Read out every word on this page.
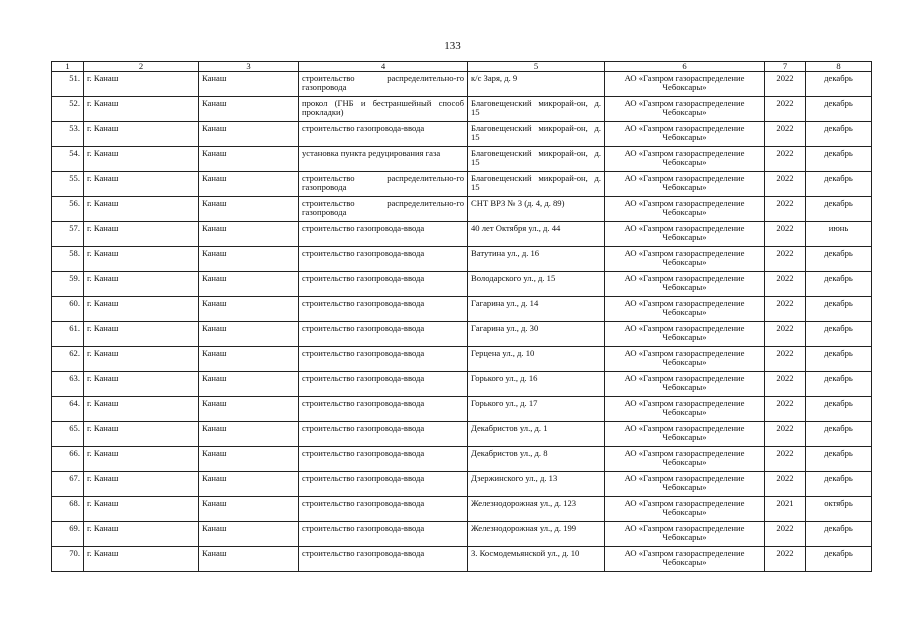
133
1	2	3	4	5	6	7	8
51.	г. Канаш	Канаш	строительство распределительно-го газопровода	к/с Заря, д. 9	АО «Газпром газораспределение Чебоксары»	2022	декабрь
52.	г. Канаш	Канаш	прокол (ГНБ и бестраншейный способ прокладки)	Благовещенский микрорай-он, д. 15	АО «Газпром газораспределение Чебоксары»	2022	декабрь
53.	г. Канаш	Канаш	строительство газопровода-ввода	Благовещенский микрорай-он, д. 15	АО «Газпром газораспределение Чебоксары»	2022	декабрь
54.	г. Канаш	Канаш	установка пункта редуцирования газа	Благовещенский микрорай-он, д. 15	АО «Газпром газораспределение Чебоксары»	2022	декабрь
55.	г. Канаш	Канаш	строительство распределительно-го газопровода	Благовещенский микрорай-он, д. 15	АО «Газпром газораспределение Чебоксары»	2022	декабрь
56.	г. Канаш	Канаш	строительство распределительно-го газопровода	СНТ ВРЗ № 3 (д. 4, д. 89)	АО «Газпром газораспределение Чебоксары»	2022	декабрь
57.	г. Канаш	Канаш	строительство газопровода-ввода	40 лет Октября ул., д. 44	АО «Газпром газораспределение Чебоксары»	2022	июнь
58.	г. Канаш	Канаш	строительство газопровода-ввода	Ватутина ул., д. 16	АО «Газпром газораспределение Чебоксары»	2022	декабрь
59.	г. Канаш	Канаш	строительство газопровода-ввода	Володарского ул., д. 15	АО «Газпром газораспределение Чебоксары»	2022	декабрь
60.	г. Канаш	Канаш	строительство газопровода-ввода	Гагарина ул., д. 14	АО «Газпром газораспределение Чебоксары»	2022	декабрь
61.	г. Канаш	Канаш	строительство газопровода-ввода	Гагарина ул., д. 30	АО «Газпром газораспределение Чебоксары»	2022	декабрь
62.	г. Канаш	Канаш	строительство газопровода-ввода	Герцена ул., д. 10	АО «Газпром газораспределение Чебоксары»	2022	декабрь
63.	г. Канаш	Канаш	строительство газопровода-ввода	Горького ул., д. 16	АО «Газпром газораспределение Чебоксары»	2022	декабрь
64.	г. Канаш	Канаш	строительство газопровода-ввода	Горького ул., д. 17	АО «Газпром газораспределение Чебоксары»	2022	декабрь
65.	г. Канаш	Канаш	строительство газопровода-ввода	Декабристов ул., д. 1	АО «Газпром газораспределение Чебоксары»	2022	декабрь
66.	г. Канаш	Канаш	строительство газопровода-ввода	Декабристов ул., д. 8	АО «Газпром газораспределение Чебоксары»	2022	декабрь
67.	г. Канаш	Канаш	строительство газопровода-ввода	Дзержинского ул., д. 13	АО «Газпром газораспределение Чебоксары»	2022	декабрь
68.	г. Канаш	Канаш	строительство газопровода-ввода	Железнодорожная ул., д. 123	АО «Газпром газораспределение Чебоксары»	2021	октябрь
69.	г. Канаш	Канаш	строительство газопровода-ввода	Железнодорожная ул., д. 199	АО «Газпром газораспределение Чебоксары»	2022	декабрь
70.	г. Канаш	Канаш	строительство газопровода-ввода	З. Космодемьянской ул., д. 10	АО «Газпром газораспределение Чебоксары»	2022	декабрь
